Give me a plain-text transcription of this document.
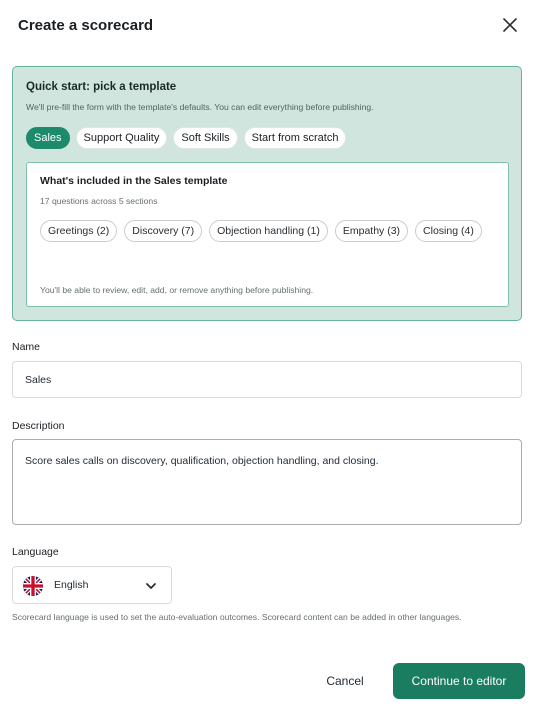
Create a scorecard
Quick start: pick a template
We'll pre-fill the form with the template's defaults. You can edit everything before publishing.
Sales	Support Quality	Soft Skills	Start from scratch
What's included in the Sales template
17 questions across 5 sections
Greetings (2)	Discovery (7)	Objection handling (1)	Empathy (3)	Closing (4)
You'll be able to review, edit, add, or remove anything before publishing.
Name
Sales
Description
Score sales calls on discovery, qualification, objection handling, and closing.
Language
English
Scorecard language is used to set the auto-evaluation outcomes. Scorecard content can be added in other languages.
Cancel	Continue to editor
